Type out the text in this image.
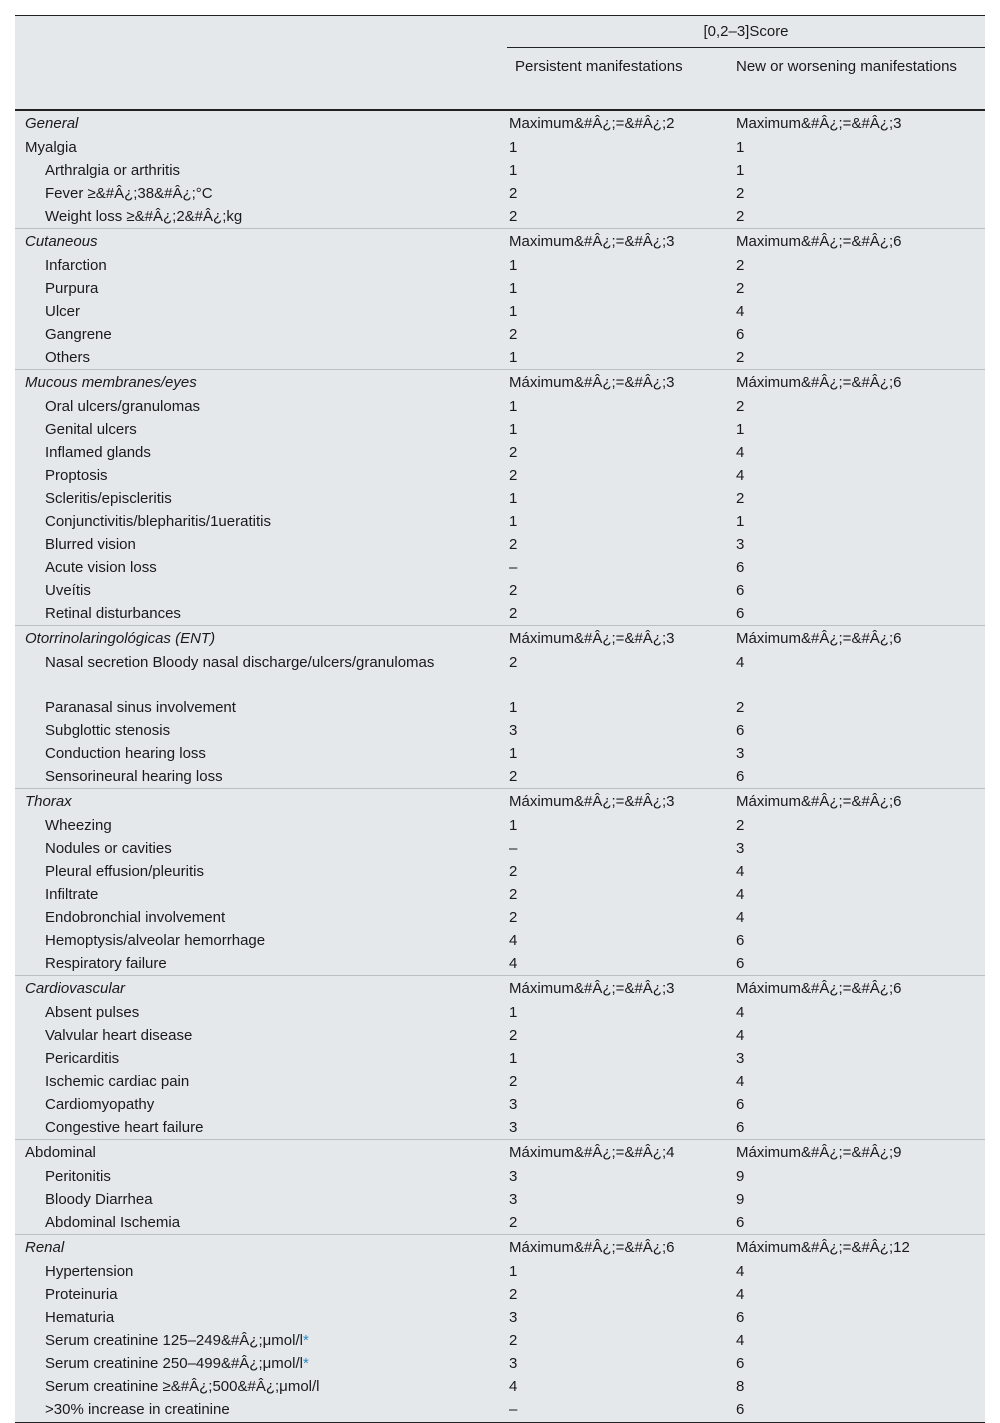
	[0,2–3]Score	

	Persistent manifestations	New or worsening manifestations
General	Maximum&#Â¿;=&#Â¿;2	Maximum&#Â¿;=&#Â¿;3
Myalgia	1	1
Arthralgia or arthritis	1	1
Fever ≥&#Â¿;38&#Â¿;°C	2	2
Weight loss ≥&#Â¿;2&#Â¿;kg	2	2
Cutaneous	Maximum&#Â¿;=&#Â¿;3	Maximum&#Â¿;=&#Â¿;6
Infarction	1	2
Purpura	1	2
Ulcer	1	4
Gangrene	2	6
Others	1	2
Mucous membranes/eyes	Máximum&#Â¿;=&#Â¿;3	Máximum&#Â¿;=&#Â¿;6
Oral ulcers/granulomas	1	2
Genital ulcers	1	1
Inflamed glands	2	4
Proptosis	2	4
Scleritis/episcleritis	1	2
Conjunctivitis/blepharitis/1ueratitis	1	1
Blurred vision	2	3
Acute vision loss	–	6
Uveítis	2	6
Retinal disturbances	2	6
Otorrinolaringológicas (ENT)	Máximum&#Â¿;=&#Â¿;3	Máximum&#Â¿;=&#Â¿;6
Nasal secretion Bloody nasal discharge/ulcers/granulomas	2	4
Paranasal sinus involvement	1	2
Subglottic stenosis	3	6
Conduction hearing loss	1	3
Sensorineural hearing loss	2	6
Thorax	Máximum&#Â¿;=&#Â¿;3	Máximum&#Â¿;=&#Â¿;6
Wheezing	1	2
Nodules or cavities	–	3
Pleural effusion/pleuritis	2	4
Infiltrate	2	4
Endobronchial involvement	2	4
Hemoptysis/alveolar hemorrhage	4	6
Respiratory failure	4	6
Cardiovascular	Máximum&#Â¿;=&#Â¿;3	Máximum&#Â¿;=&#Â¿;6
Absent pulses	1	4
Valvular heart disease	2	4
Pericarditis	1	3
Ischemic cardiac pain	2	4
Cardiomyopathy	3	6
Congestive heart failure	3	6
Abdominal	Máximum&#Â¿;=&#Â¿;4	Máximum&#Â¿;=&#Â¿;9
Peritonitis	3	9
Bloody Diarrhea	3	9
Abdominal Ischemia	2	6
Renal	Máximum&#Â¿;=&#Â¿;6	Máximum&#Â¿;=&#Â¿;12
Hypertension	1	4
Proteinuria	2	4
Hematuria	3	6
Serum creatinine 125–249&#Â¿;μmol/l*	2	4
Serum creatinine 250–499&#Â¿;μmol/l*	3	6
Serum creatinine ≥&#Â¿;500&#Â¿;μmol/l	4	8
>30% increase in creatinine	–	6
